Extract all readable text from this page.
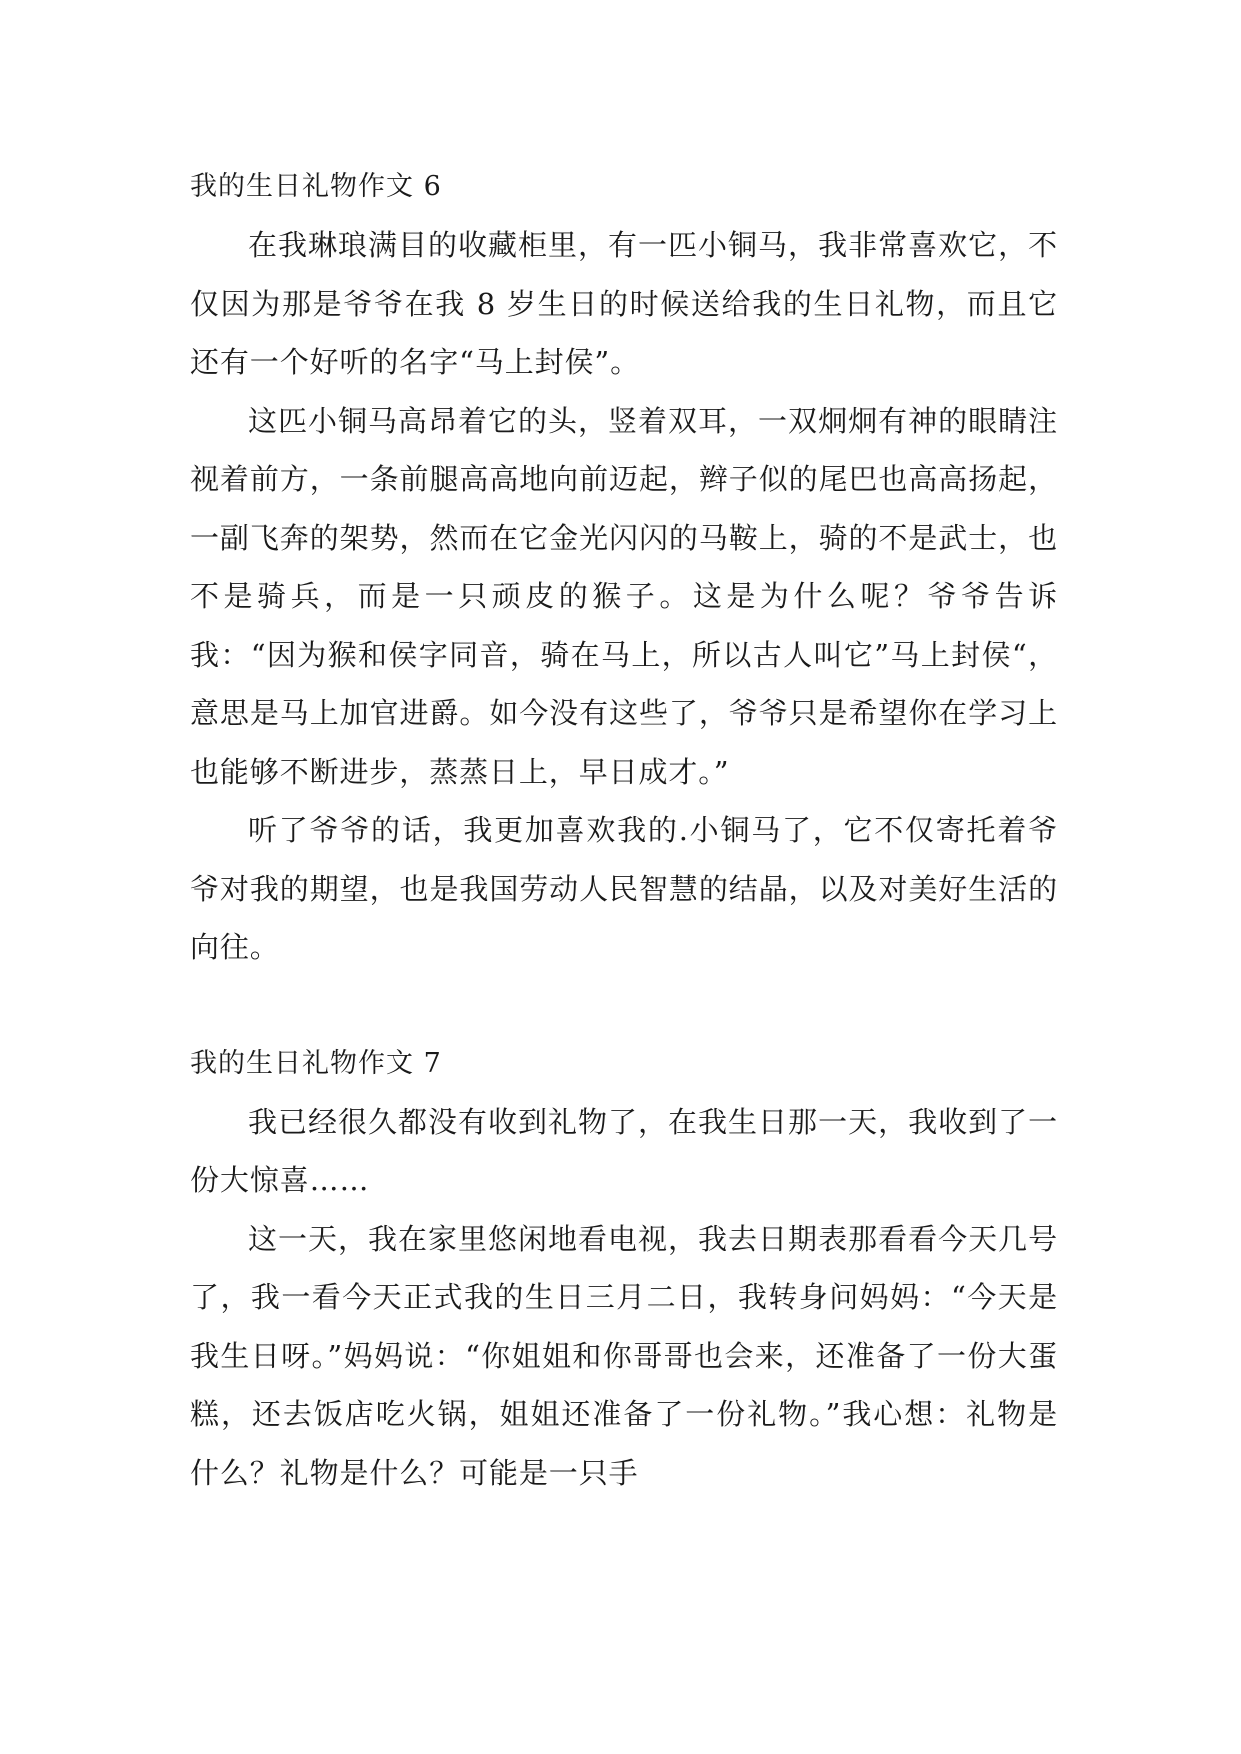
我的生日礼物作文 6

在我琳琅满目的收藏柜里，有一匹小铜马，我非常喜欢它，不仅因为那是爷爷在我 8 岁生日的时候送给我的生日礼物，而且它还有一个好听的名字“马上封侯”。

这匹小铜马高昂着它的头，竖着双耳，一双炯炯有神的眼睛注视着前方，一条前腿高高地向前迈起，辫子似的尾巴也高高扬起，一副飞奔的架势，然而在它金光闪闪的马鞍上，骑的不是武士，也不是骑兵，而是一只顽皮的猴子。这是为什么呢？爷爷告诉我：“因为猴和侯字同音，骑在马上，所以古人叫它”马上封侯“，意思是马上加官进爵。如今没有这些了，爷爷只是希望你在学习上也能够不断进步，蒸蒸日上，早日成才。”

听了爷爷的话，我更加喜欢我的.小铜马了，它不仅寄托着爷爷对我的期望，也是我国劳动人民智慧的结晶，以及对美好生活的向往。

我的生日礼物作文 7

我已经很久都没有收到礼物了，在我生日那一天，我收到了一份大惊喜……

这一天，我在家里悠闲地看电视，我去日期表那看看今天几号了，我一看今天正式我的生日三月二日，我转身问妈妈：“今天是我生日呀。”妈妈说：“你姐姐和你哥哥也会来，还准备了一份大蛋糕，还去饭店吃火锅，姐姐还准备了一份礼物。”我心想：礼物是什么？礼物是什么？可能是一只手
